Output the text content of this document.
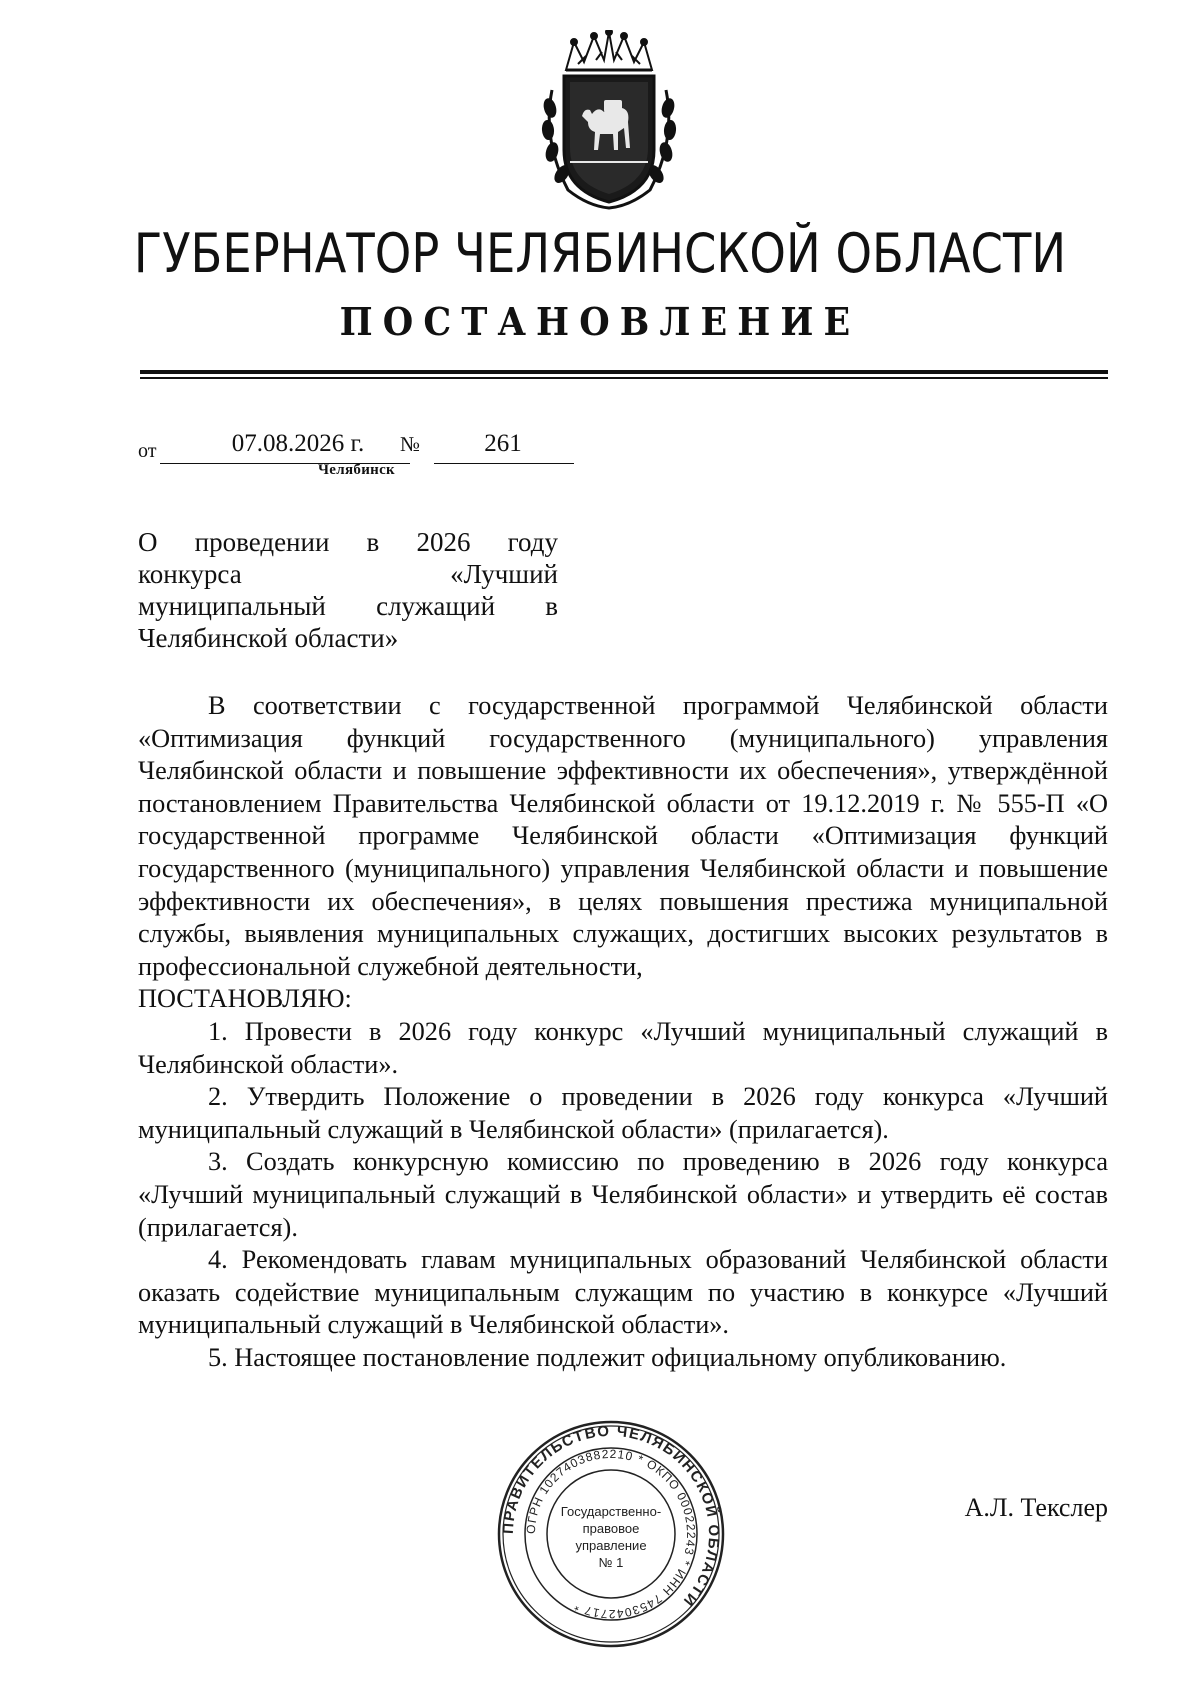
ГУБЕРНАТОР ЧЕЛЯБИНСКОЙ ОБЛАСТИ
ПОСТАНОВЛЕНИЕ
от	07.08.2026 г.	№	261
Челябинск
О проведении в 2026 году
конкурса «Лучший
муниципальный служащий в
Челябинской области»

В соответствии с государственной программой Челябинской области «Оптимизация функций государственного (муниципального) управления Челябинской области и повышение эффективности их обеспечения», утверждённой постановлением Правительства Челябинской области от 19.12.2019 г. № 555-П «О государственной программе Челябинской области «Оптимизация функций государственного (муниципального) управления Челябинской области и повышение эффективности их обеспечения», в целях повышения престижа муниципальной службы, выявления муниципальных служащих, достигших высоких результатов в профессиональной служебной деятельности,

ПОСТАНОВЛЯЮ:

1. Провести в 2026 году конкурс «Лучший муниципальный служащий в Челябинской области».

2. Утвердить Положение о проведении в 2026 году конкурса «Лучший муниципальный служащий в Челябинской области» (прилагается).

3. Создать конкурсную комиссию по проведению в 2026 году конкурса «Лучший муниципальный служащий в Челябинской области» и утвердить её состав (прилагается).

4. Рекомендовать главам муниципальных образований Челябинской области оказать содействие муниципальным служащим по участию в конкурсе «Лучший муниципальный служащий в Челябинской области».

5. Настоящее постановление подлежит официальному опубликованию.

ПРАВИТЕЛЬСТВО ЧЕЛЯБИНСКОЙ ОБЛАСТИ
ОГРН 1027403882210 * ОКПО 00022243 * ИНН 7453042717 *
Государственно-
правовое
управление
№ 1
А.Л. Текслер
